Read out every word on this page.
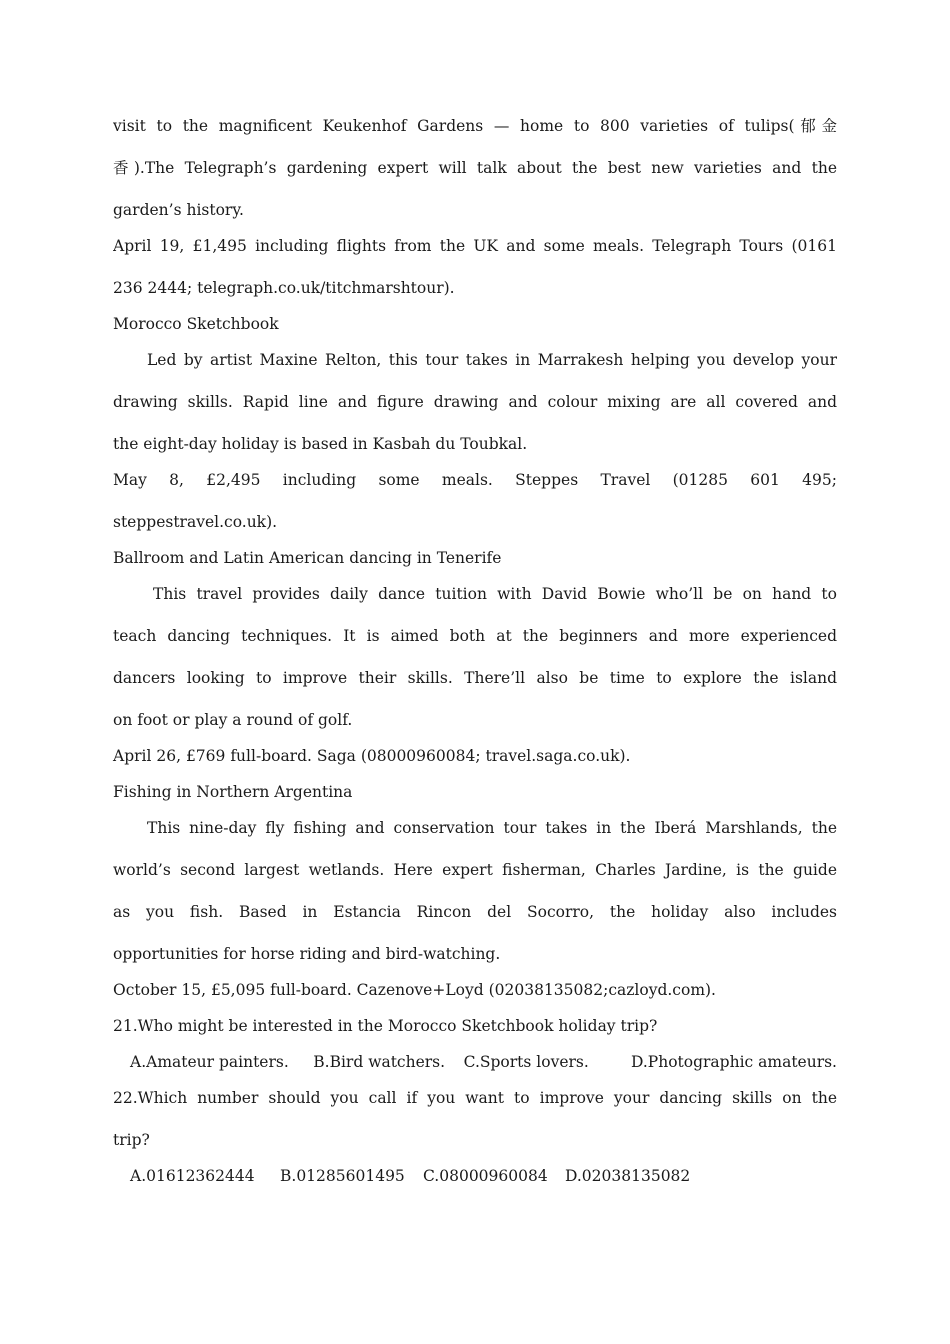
visit to the magnificent Keukenhof Gardens — home to 800 varieties of tulips(郁金
香).The Telegraph’s gardening expert will talk about the best new varieties and the
garden’s history.
April 19, £1,495 including flights from the UK and some meals. Telegraph Tours (0161
236 2444; telegraph.co.uk/titchmarshtour).
Morocco Sketchbook
Led by artist Maxine Relton, this tour takes in Marrakesh helping you develop your
drawing skills. Rapid line and figure drawing and colour mixing are all covered and
the eight-day holiday is based in Kasbah du Toubkal.
May 8, £2,495 including some meals. Steppes Travel (01285 601 495;
steppestravel.co.uk).
Ballroom and Latin American dancing in Tenerife
This travel provides daily dance tuition with David Bowie who’ll be on hand to
teach dancing techniques. It is aimed both at the beginners and more experienced
dancers looking to improve their skills. There’ll also be time to explore the island
on foot or play a round of golf.
April 26, £769 full-board. Saga (08000960084; travel.saga.co.uk).
Fishing in Northern Argentina
This nine-day fly fishing and conservation tour takes in the Iberá Marshlands, the
world’s second largest wetlands. Here expert fisherman, Charles Jardine, is the guide
as you fish. Based in Estancia Rincon del Socorro, the holiday also includes
opportunities for horse riding and bird-watching.
October 15, £5,095 full-board. Cazenove+Loyd (02038135082;cazloyd.com).
21.Who might be interested in the Morocco Sketchbook holiday trip?
A.Amateur painters.	B.Bird watchers.	C.Sports lovers.	D.Photographic amateurs.
22.Which number should you call if you want to improve your dancing skills on the
trip?
A.01612362444	B.01285601495	C.08000960084	D.02038135082
